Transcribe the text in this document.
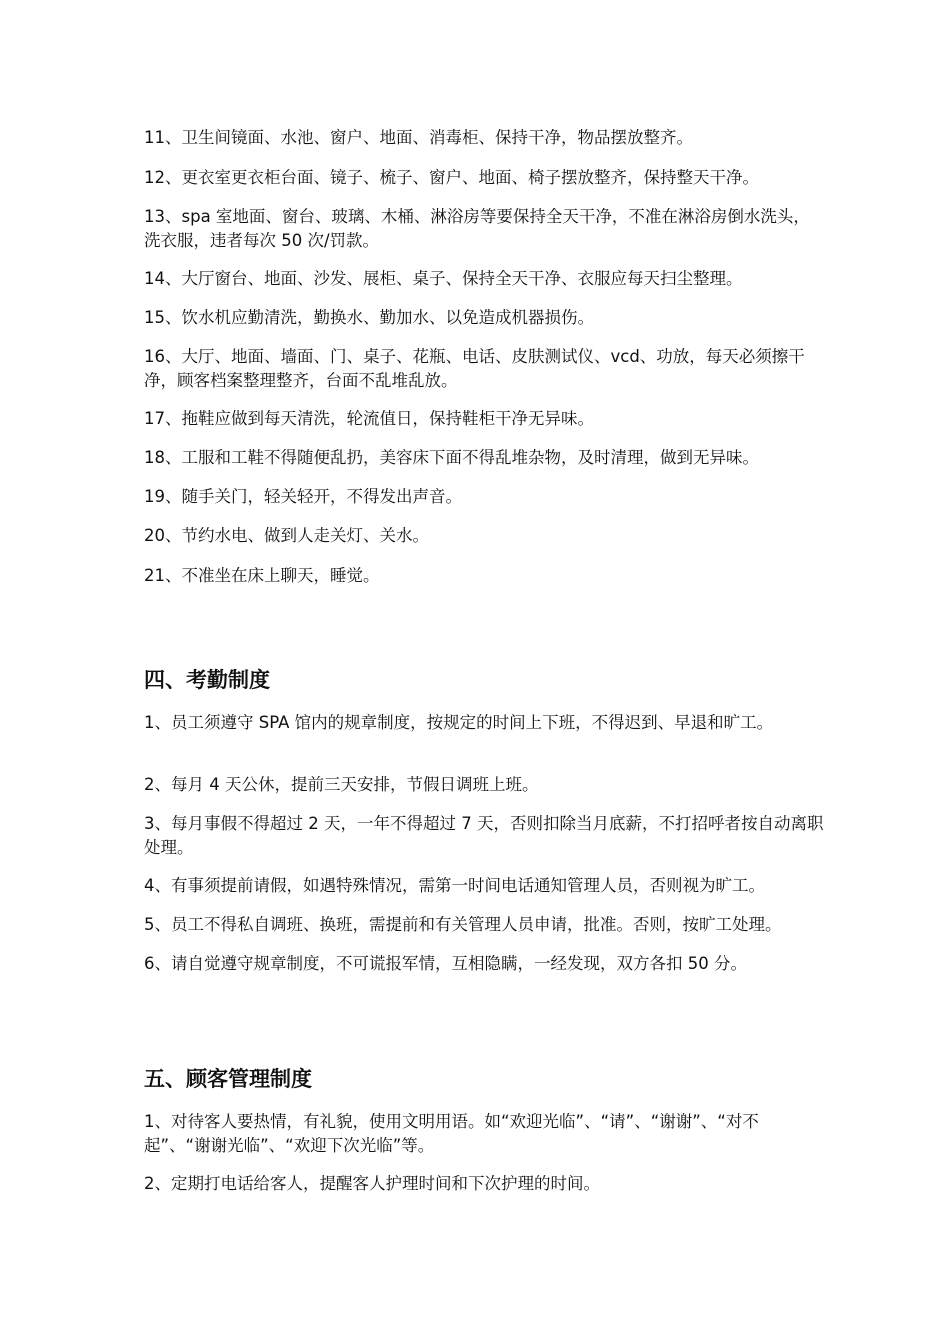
11、卫生间镜面、水池、窗户、地面、消毒柜、保持干净，物品摆放整齐。

12、更衣室更衣柜台面、镜子、梳子、窗户、地面、椅子摆放整齐，保持整天干净。

13、spa 室地面、窗台、玻璃、木桶、淋浴房等要保持全天干净，不准在淋浴房倒水洗头，洗衣服，违者每次 50 次/罚款。

14、大厅窗台、地面、沙发、展柜、桌子、保持全天干净、衣服应每天扫尘整理。

15、饮水机应勤清洗，勤换水、勤加水、以免造成机器损伤。

16、大厅、地面、墙面、门、桌子、花瓶、电话、皮肤测试仪、vcd、功放，每天必须擦干净，顾客档案整理整齐，台面不乱堆乱放。

17、拖鞋应做到每天清洗，轮流值日，保持鞋柜干净无异味。

18、工服和工鞋不得随便乱扔，美容床下面不得乱堆杂物，及时清理，做到无异味。

19、随手关门，轻关轻开，不得发出声音。

20、节约水电、做到人走关灯、关水。

21、不准坐在床上聊天，睡觉。

四、考勤制度

1、员工须遵守 SPA 馆内的规章制度，按规定的时间上下班，不得迟到、早退和旷工。

2、每月 4 天公休，提前三天安排，节假日调班上班。

3、每月事假不得超过 2 天，一年不得超过 7 天，否则扣除当月底薪，不打招呼者按自动离职处理。

4、有事须提前请假，如遇特殊情况，需第一时间电话通知管理人员，否则视为旷工。

5、员工不得私自调班、换班，需提前和有关管理人员申请，批准。否则，按旷工处理。

6、请自觉遵守规章制度，不可谎报军情，互相隐瞒，一经发现，双方各扣 50 分。

五、顾客管理制度

1、对待客人要热情，有礼貌，使用文明用语。如“欢迎光临”、“请”、“谢谢”、“对不起”、“谢谢光临”、“欢迎下次光临”等。

2、定期打电话给客人，提醒客人护理时间和下次护理的时间。
